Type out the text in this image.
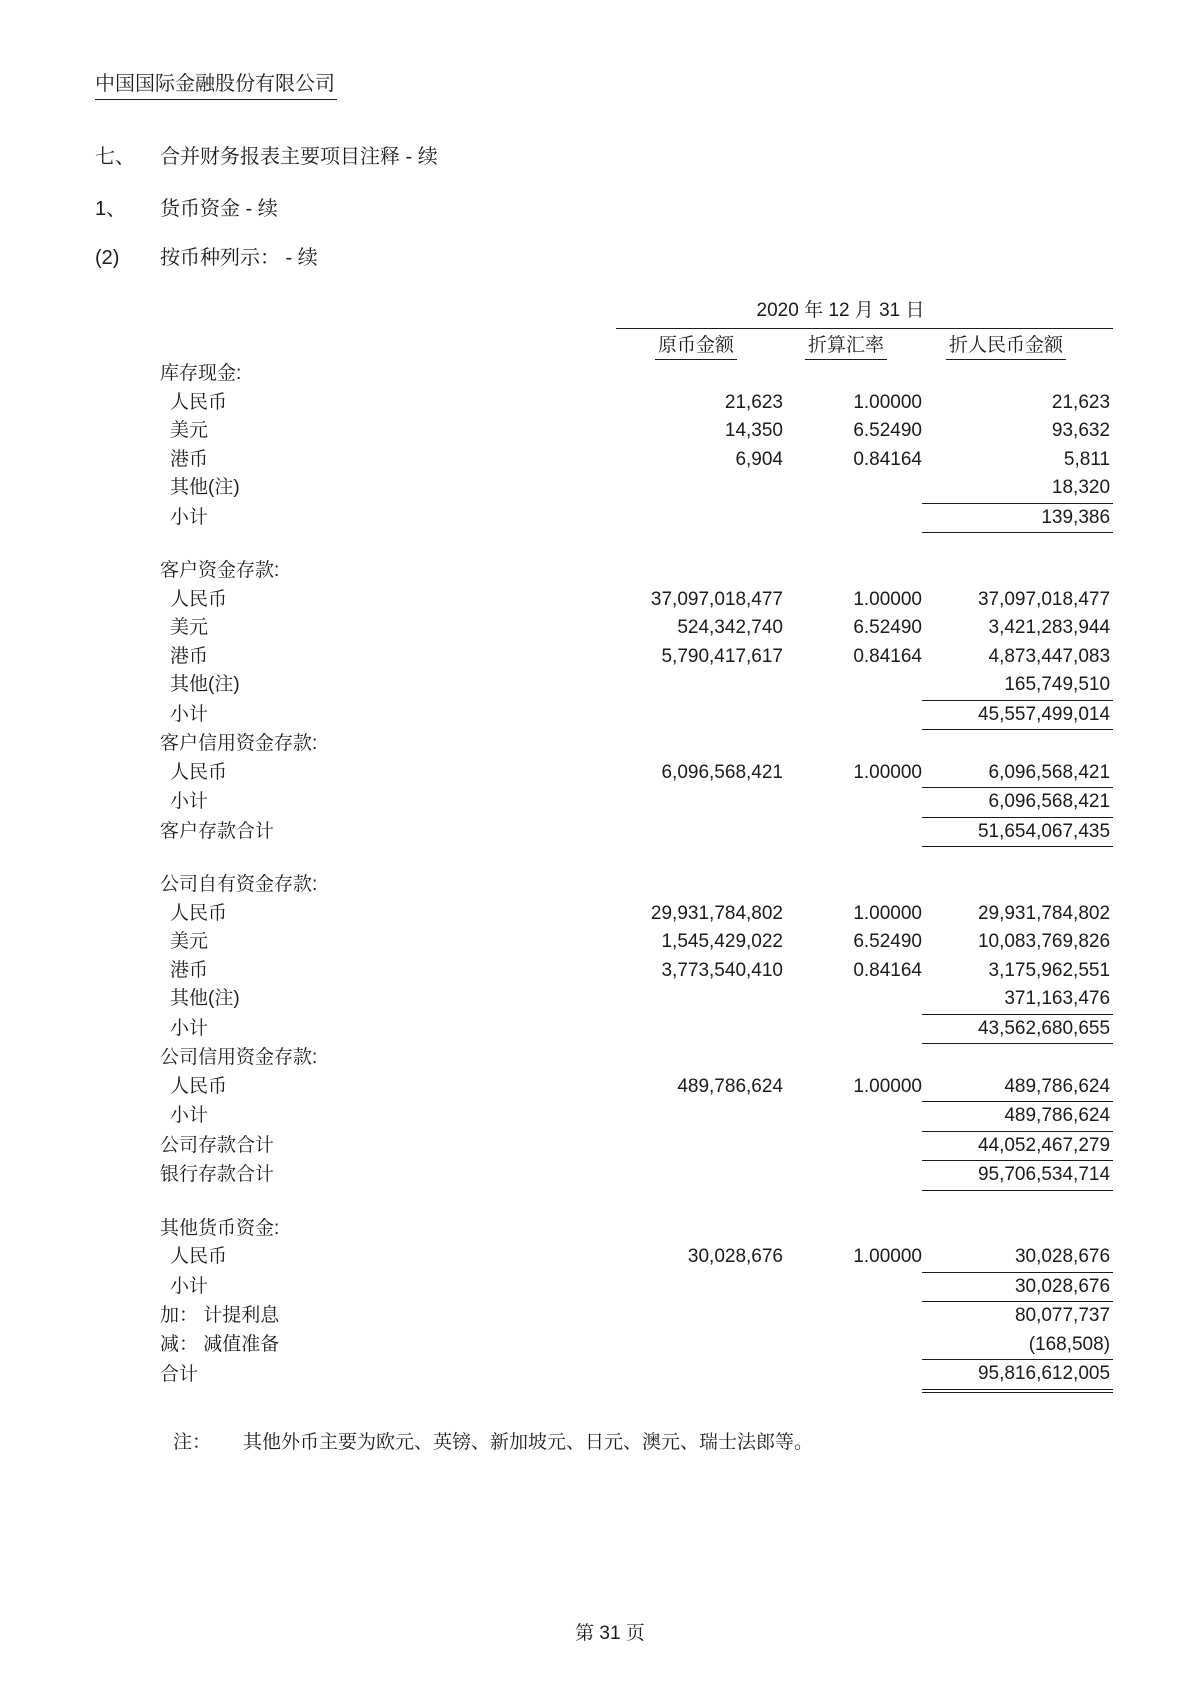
中国国际金融股份有限公司
七、 合并财务报表主要项目注释 - 续
1、 货币资金 - 续
(2) 按币种列示： - 续

	2020 年 12 月 31 日		

	原币金额	折算汇率	折人民币金额
库存现金:			
人民币	21,623	1.00000	21,623
美元	14,350	6.52490	93,632
港币	6,904	0.84164	5,811
其他(注)			18,320
小计			139,386

客户资金存款:			
人民币	37,097,018,477	1.00000	37,097,018,477
美元	524,342,740	6.52490	3,421,283,944
港币	5,790,417,617	0.84164	4,873,447,083
其他(注)			165,749,510
小计			45,557,499,014
客户信用资金存款:			
人民币	6,096,568,421	1.00000	6,096,568,421
小计			6,096,568,421
客户存款合计			51,654,067,435

公司自有资金存款:			
人民币	29,931,784,802	1.00000	29,931,784,802
美元	1,545,429,022	6.52490	10,083,769,826
港币	3,773,540,410	0.84164	3,175,962,551
其他(注)			371,163,476
小计			43,562,680,655
公司信用资金存款:			
人民币	489,786,624	1.00000	489,786,624
小计			489,786,624
公司存款合计			44,052,467,279
银行存款合计			95,706,534,714

其他货币资金:			
人民币	30,028,676	1.00000	30,028,676
小计			30,028,676
加： 计提利息			80,077,737
减： 减值准备			(168,508)
合计			95,816,612,005
注： 其他外币主要为欧元、英镑、新加坡元、日元、澳元、瑞士法郎等。
第 31 页
